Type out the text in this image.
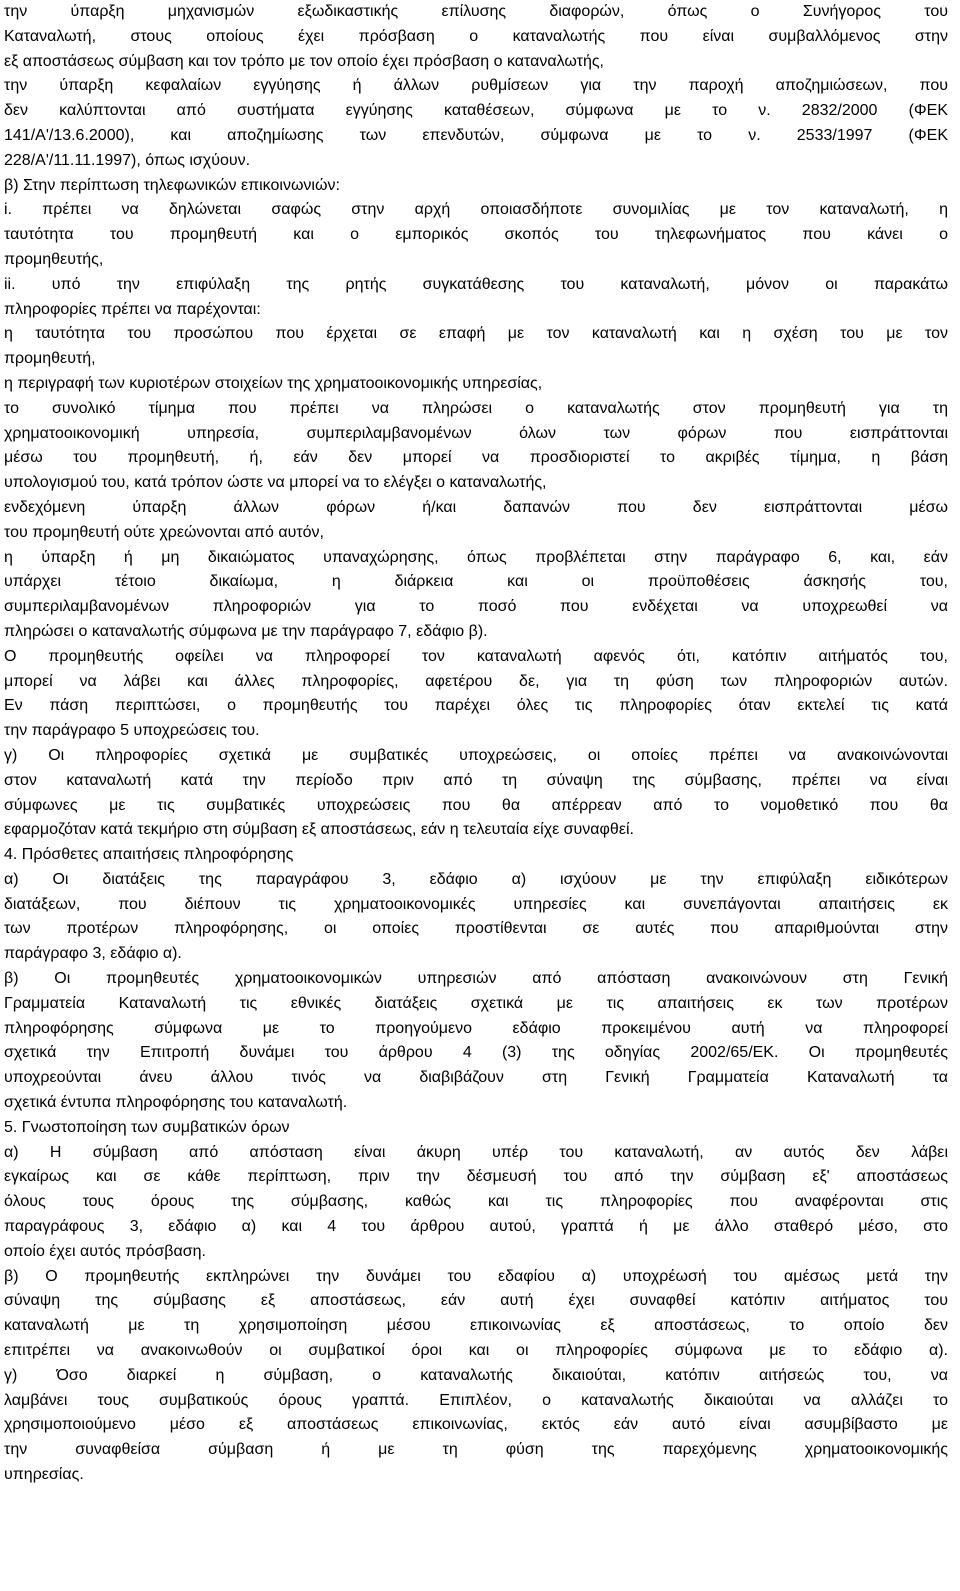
την ύπαρξη μηχανισμών εξωδικαστικής επίλυσης διαφορών, όπως ο Συνήγορος του
Καταναλωτή, στους οποίους έχει πρόσβαση ο καταναλωτής που είναι συμβαλλόμενος στην
εξ αποστάσεως σύμβαση και τον τρόπο με τον οποίο έχει πρόσβαση ο καταναλωτής,
την ύπαρξη κεφαλαίων εγγύησης ή άλλων ρυθμίσεων για την παροχή αποζημιώσεων, που
δεν καλύπτονται από συστήματα εγγύησης καταθέσεων, σύμφωνα με το ν. 2832/2000 (ΦΕΚ
141/Α'/13.6.2000), και αποζημίωσης των επενδυτών, σύμφωνα με το ν. 2533/1997 (ΦΕΚ
228/Α'/11.11.1997), όπως ισχύουν.
β) Στην περίπτωση τηλεφωνικών επικοινωνιών:
i. πρέπει να δηλώνεται σαφώς στην αρχή οποιασδήποτε συνομιλίας με τον καταναλωτή, η
ταυτότητα του προμηθευτή και ο εμπορικός σκοπός του τηλεφωνήματος που κάνει ο
προμηθευτής,
ii. υπό την επιφύλαξη της ρητής συγκατάθεσης του καταναλωτή, μόνον οι παρακάτω
πληροφορίες πρέπει να παρέχονται:
η ταυτότητα του προσώπου που έρχεται σε επαφή με τον καταναλωτή και η σχέση του με τον
προμηθευτή,
η περιγραφή των κυριοτέρων στοιχείων της χρηματοοικονομικής υπηρεσίας,
το συνολικό τίμημα που πρέπει να πληρώσει ο καταναλωτής στον προμηθευτή για τη
χρηματοοικονομική υπηρεσία, συμπεριλαμβανομένων όλων των φόρων που εισπράττονται
μέσω του προμηθευτή, ή, εάν δεν μπορεί να προσδιοριστεί το ακριβές τίμημα, η βάση
υπολογισμού του, κατά τρόπον ώστε να μπορεί να το ελέγξει ο καταναλωτής,
ενδεχόμενη ύπαρξη άλλων φόρων ή/και δαπανών που δεν εισπράττονται μέσω
του προμηθευτή ούτε χρεώνονται από αυτόν,
η ύπαρξη ή μη δικαιώματος υπαναχώρησης, όπως προβλέπεται στην παράγραφο 6, και, εάν
υπάρχει τέτοιο δικαίωμα, η διάρκεια και οι προϋποθέσεις άσκησής του,
συμπεριλαμβανομένων πληροφοριών για το ποσό που ενδέχεται να υποχρεωθεί να
πληρώσει ο καταναλωτής σύμφωνα με την παράγραφο 7, εδάφιο β).
Ο προμηθευτής οφείλει να πληροφορεί τον καταναλωτή αφενός ότι, κατόπιν αιτήματός του,
μπορεί να λάβει και άλλες πληροφορίες, αφετέρου δε, για τη φύση των πληροφοριών αυτών.
Εν πάση περιπτώσει, ο προμηθευτής του παρέχει όλες τις πληροφορίες όταν εκτελεί τις κατά
την παράγραφο 5 υποχρεώσεις του.
γ) Οι πληροφορίες σχετικά με συμβατικές υποχρεώσεις, οι οποίες πρέπει να ανακοινώνονται
στον καταναλωτή κατά την περίοδο πριν από τη σύναψη της σύμβασης, πρέπει να είναι
σύμφωνες με τις συμβατικές υποχρεώσεις που θα απέρρεαν από το νομοθετικό που θα
εφαρμοζόταν κατά τεκμήριο στη σύμβαση εξ αποστάσεως, εάν η τελευταία είχε συναφθεί.
4. Πρόσθετες απαιτήσεις πληροφόρησης
α) Οι διατάξεις της παραγράφου 3, εδάφιο α) ισχύουν με την επιφύλαξη ειδικότερων
διατάξεων, που διέπουν τις χρηματοοικονομικές υπηρεσίες και συνεπάγονται απαιτήσεις εκ
των προτέρων πληροφόρησης, οι οποίες προστίθενται σε αυτές που απαριθμούνται στην
παράγραφο 3, εδάφιο α).
β) Οι προμηθευτές χρηματοοικονομικών υπηρεσιών από απόσταση ανακοινώνουν στη Γενική
Γραμματεία Καταναλωτή τις εθνικές διατάξεις σχετικά με τις απαιτήσεις εκ των προτέρων
πληροφόρησης σύμφωνα με το προηγούμενο εδάφιο προκειμένου αυτή να πληροφορεί
σχετικά την Επιτροπή δυνάμει του άρθρου 4 (3) της οδηγίας 2002/65/ΕΚ. Οι προμηθευτές
υποχρεούνται άνευ άλλου τινός να διαβιβάζουν στη Γενική Γραμματεία Καταναλωτή τα
σχετικά έντυπα πληροφόρησης του καταναλωτή.
5. Γνωστοποίηση των συμβατικών όρων
α) Η σύμβαση από απόσταση είναι άκυρη υπέρ του καταναλωτή, αν αυτός δεν λάβει
εγκαίρως και σε κάθε περίπτωση, πριν την δέσμευσή του από την σύμβαση εξ' αποστάσεως
όλους τους όρους της σύμβασης, καθώς και τις πληροφορίες που αναφέρονται στις
παραγράφους 3, εδάφιο α) και 4 του άρθρου αυτού, γραπτά ή με άλλο σταθερό μέσο, στο
οποίο έχει αυτός πρόσβαση.
β) Ο προμηθευτής εκπληρώνει την δυνάμει του εδαφίου α) υποχρέωσή του αμέσως μετά την
σύναψη της σύμβασης εξ αποστάσεως, εάν αυτή έχει συναφθεί κατόπιν αιτήματος του
καταναλωτή με τη χρησιμοποίηση μέσου επικοινωνίας εξ αποστάσεως, το οποίο δεν
επιτρέπει να ανακοινωθούν οι συμβατικοί όροι και οι πληροφορίες σύμφωνα με το εδάφιο α).
γ) Όσο διαρκεί η σύμβαση, ο καταναλωτής δικαιούται, κατόπιν αιτήσεώς του, να
λαμβάνει τους συμβατικούς όρους γραπτά. Επιπλέον, ο καταναλωτής δικαιούται να αλλάζει το
χρησιμοποιούμενο μέσο εξ αποστάσεως επικοινωνίας, εκτός εάν αυτό είναι ασυμβίβαστο με
την συναφθείσα σύμβαση ή με τη φύση της παρεχόμενης χρηματοοικονομικής
υπηρεσίας.
